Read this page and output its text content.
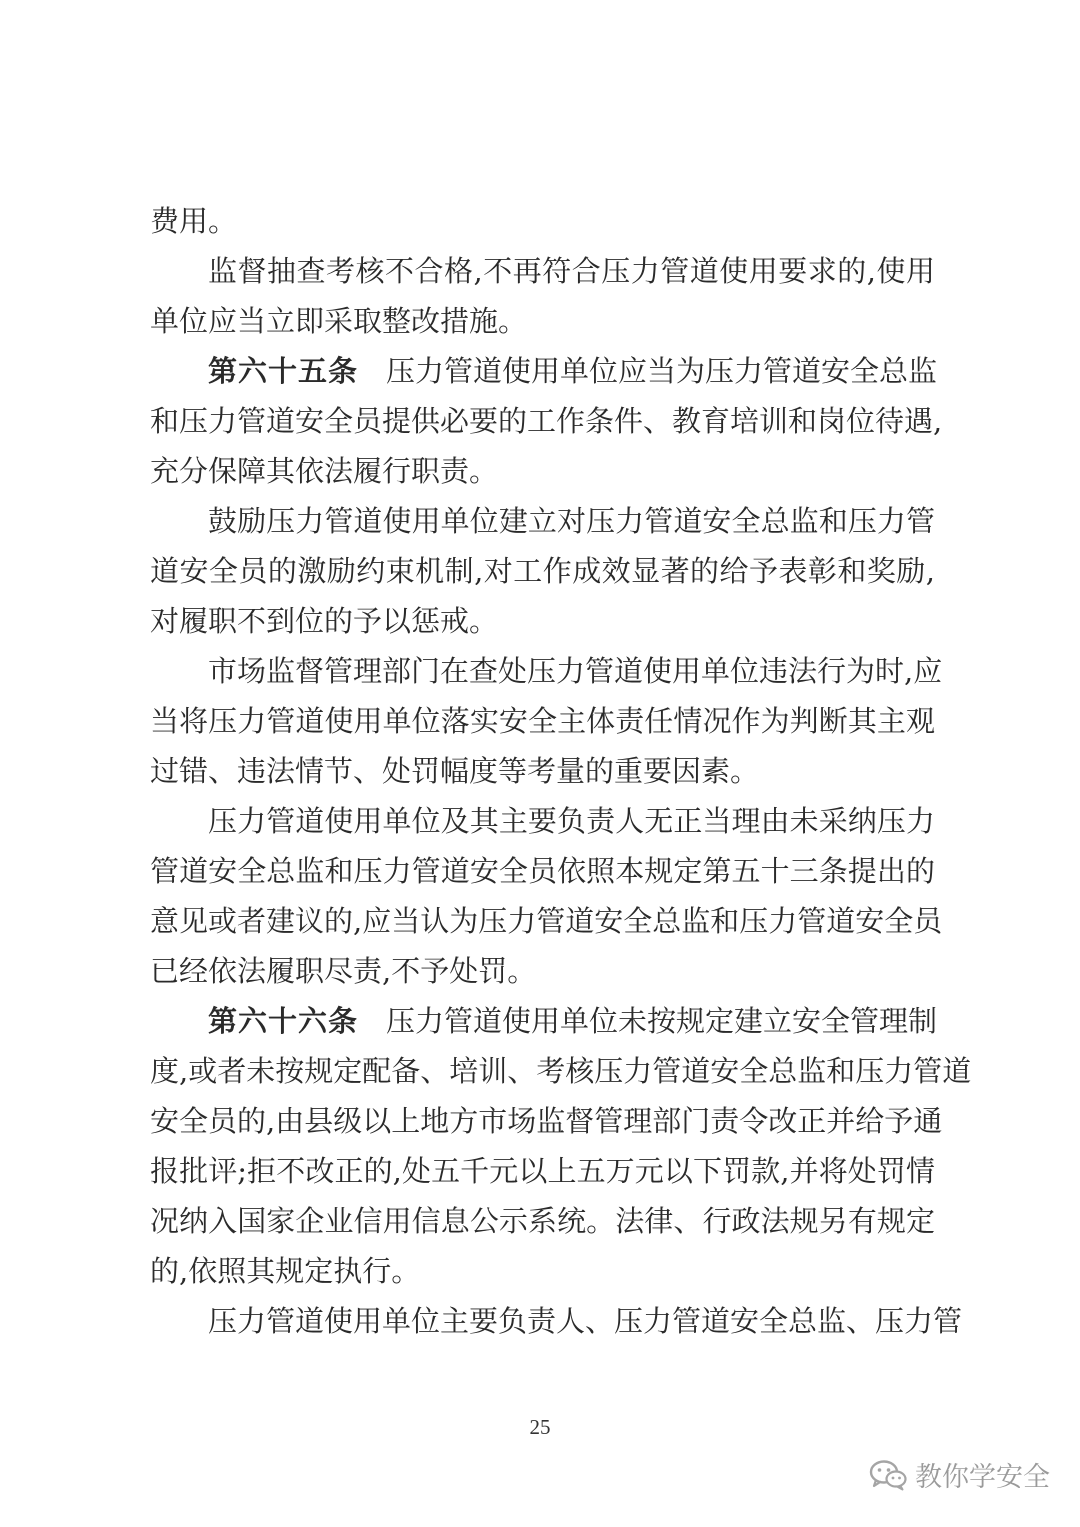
费用。
监督抽查考核不合格,不再符合压力管道使用要求的,使用
单位应当立即采取整改措施。
第六十五条 压力管道使用单位应当为压力管道安全总监
和压力管道安全员提供必要的工作条件、教育培训和岗位待遇,
充分保障其依法履行职责。
鼓励压力管道使用单位建立对压力管道安全总监和压力管
道安全员的激励约束机制,对工作成效显著的给予表彰和奖励,
对履职不到位的予以惩戒。
市场监督管理部门在查处压力管道使用单位违法行为时,应
当将压力管道使用单位落实安全主体责任情况作为判断其主观
过错、违法情节、处罚幅度等考量的重要因素。
压力管道使用单位及其主要负责人无正当理由未采纳压力
管道安全总监和压力管道安全员依照本规定第五十三条提出的
意见或者建议的,应当认为压力管道安全总监和压力管道安全员
已经依法履职尽责,不予处罚。
第六十六条 压力管道使用单位未按规定建立安全管理制
度,或者未按规定配备、培训、考核压力管道安全总监和压力管道
安全员的,由县级以上地方市场监督管理部门责令改正并给予通
报批评;拒不改正的,处五千元以上五万元以下罚款,并将处罚情
况纳入国家企业信用信息公示系统。法律、行政法规另有规定
的,依照其规定执行。
压力管道使用单位主要负责人、压力管道安全总监、压力管
25
教你学安全
